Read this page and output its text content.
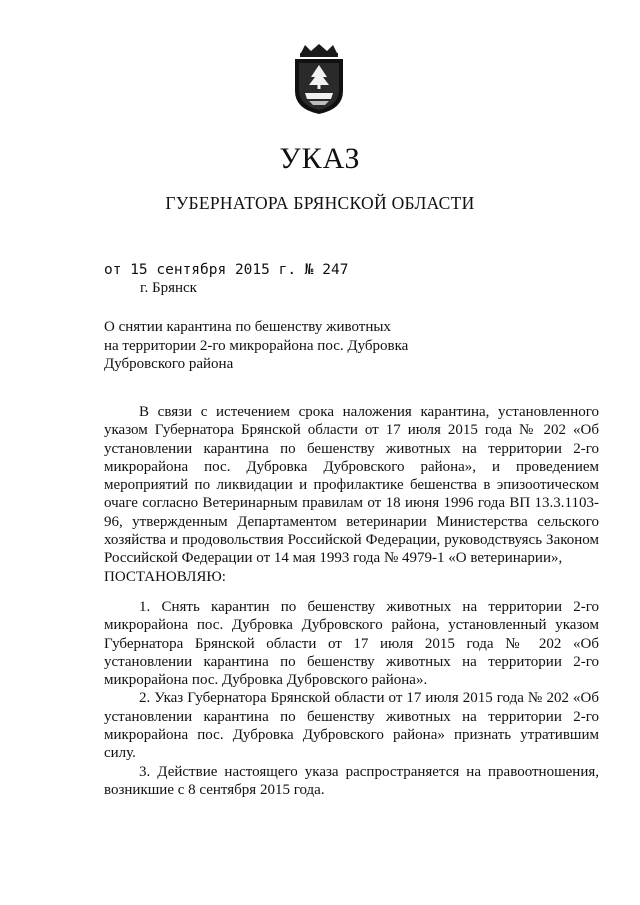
УКАЗ
ГУБЕРНАТОРА БРЯНСКОЙ ОБЛАСТИ
от 15 сентября 2015 г. № 247
г. Брянск
О снятии карантина по бешенству животных
на территории 2-го микрорайона пос. Дубровка
Дубровского района

В связи с истечением срока наложения карантина, установленного указом Губернатора Брянской области от 17 июля 2015 года № 202 «Об установлении карантина по бешенству животных на территории 2-го микрорайона пос. Дубровка Дубровского района», и проведением мероприятий по ликвидации и профилактике бешенства в эпизоотическом очаге согласно Ветеринарным правилам от 18 июня 1996 года ВП 13.3.1103-96, утвержденным Департаментом ветеринарии Министерства сельского хозяйства и продовольствия Российской Федерации, руководствуясь Законом Российской Федерации от 14 мая 1993 года № 4979-1 «О ветеринарии»,

ПОСТАНОВЛЯЮ:

1. Снять карантин по бешенству животных на территории 2-го микрорайона пос. Дубровка Дубровского района, установленный указом Губернатора Брянской области от 17 июля 2015 года № 202 «Об установлении карантина по бешенству животных на территории 2-го микрорайона пос. Дубровка Дубровского района».

2. Указ Губернатора Брянской области от 17 июля 2015 года № 202 «Об установлении карантина по бешенству животных на территории 2-го микрорайона пос. Дубровка Дубровского района» признать утратившим силу.

3. Действие настоящего указа распространяется на правоотношения, возникшие с 8 сентября 2015 года.
